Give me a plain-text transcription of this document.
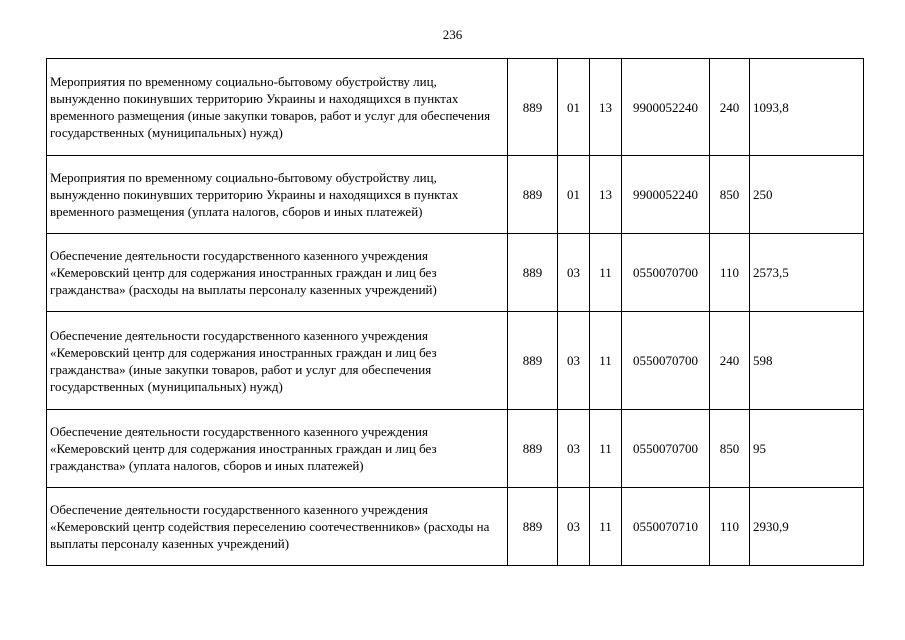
236
Мероприятия по временному социально-бытовому обустройству лиц, вынужденно покинувших территорию Украины и находящихся в пунктах временного размещения (иные закупки товаров, работ и услуг для обеспечения государственных (муниципальных) нужд)	889	01	13	9900052240	240	1093,8
Мероприятия по временному социально-бытовому обустройству лиц, вынужденно покинувших территорию Украины и находящихся в пунктах временного размещения (уплата налогов, сборов и иных платежей)	889	01	13	9900052240	850	250
Обеспечение деятельности государственного казенного учреждения «Кемеровский центр для содержания иностранных граждан и лиц без гражданства» (расходы на выплаты персоналу казенных учреждений)	889	03	11	0550070700	110	2573,5
Обеспечение деятельности государственного казенного учреждения «Кемеровский центр для содержания иностранных граждан и лиц без гражданства» (иные закупки товаров, работ и услуг для обеспечения государственных (муниципальных) нужд)	889	03	11	0550070700	240	598
Обеспечение деятельности государственного казенного учреждения «Кемеровский центр для содержания иностранных граждан и лиц без гражданства» (уплата налогов, сборов и иных платежей)	889	03	11	0550070700	850	95
Обеспечение деятельности государственного казенного учреждения «Кемеровский центр содействия переселению соотечественников» (расходы на выплаты персоналу казенных учреждений)	889	03	11	0550070710	110	2930,9
